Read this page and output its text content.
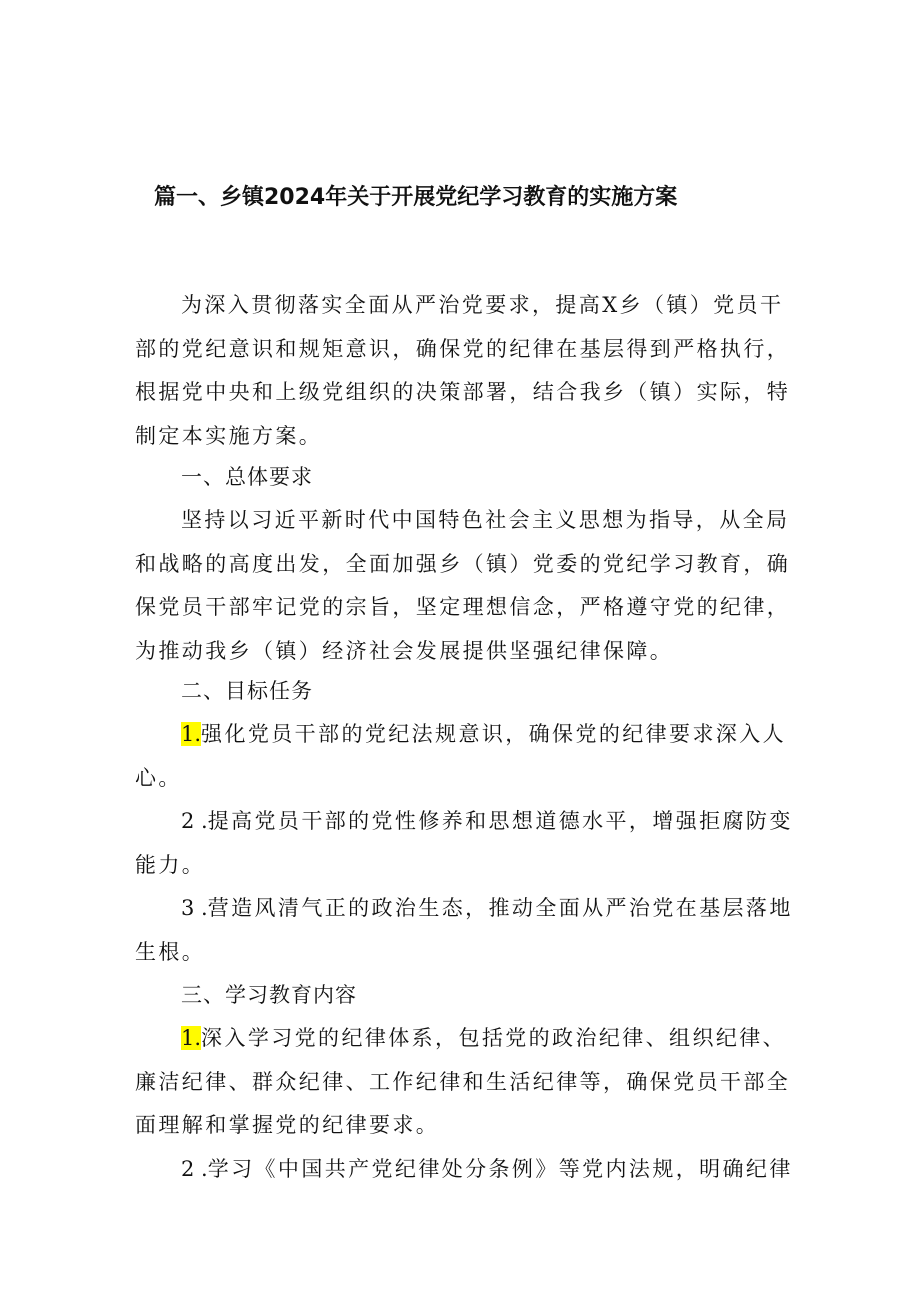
篇一、乡镇2024年关于开展党纪学习教育的实施方案
为深入贯彻落实全面从严治党要求，提高X乡（镇）党员干部的党纪意识和规矩意识，确保党的纪律在基层得到严格执行，根据党中央和上级党组织的决策部署，结合我乡（镇）实际，特制定本实施方案。
一、总体要求
坚持以习近平新时代中国特色社会主义思想为指导，从全局和战略的高度出发，全面加强乡（镇）党委的党纪学习教育，确保党员干部牢记党的宗旨，坚定理想信念，严格遵守党的纪律，为推动我乡（镇）经济社会发展提供坚强纪律保障。
二、目标任务
1.强化党员干部的党纪法规意识，确保党的纪律要求深入人心。
2 .提高党员干部的党性修养和思想道德水平，增强拒腐防变能力。
3 .营造风清气正的政治生态，推动全面从严治党在基层落地生根。
三、学习教育内容
1.深入学习党的纪律体系，包括党的政治纪律、组织纪律、廉洁纪律、群众纪律、工作纪律和生活纪律等，确保党员干部全面理解和掌握党的纪律要求。
2 .学习《中国共产党纪律处分条例》等党内法规，明确纪律
